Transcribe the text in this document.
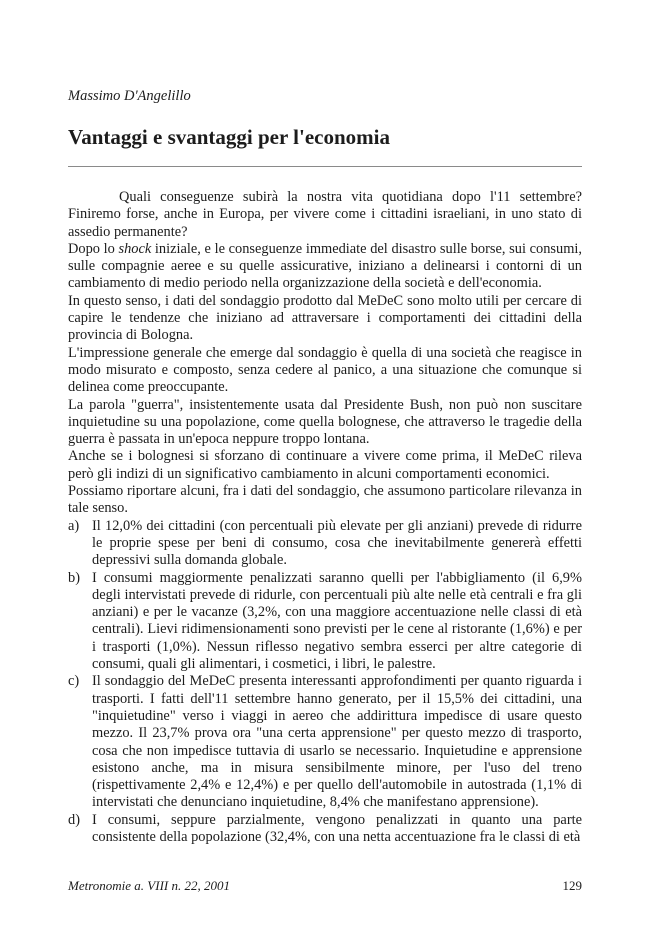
Massimo D'Angelillo
Vantaggi e svantaggi per l'economia

Quali conseguenze subirà la nostra vita quotidiana dopo l'11 settembre? Finiremo forse, anche in Europa, per vivere come i cittadini israeliani, in uno stato di assedio permanente?

Dopo lo shock iniziale, e le conseguenze immediate del disastro sulle borse, sui consumi, sulle compagnie aeree e su quelle assicurative, iniziano a delinearsi i contorni di un cambiamento di medio periodo nella organizzazione della società e dell'economia.

In questo senso, i dati del sondaggio prodotto dal MeDeC sono molto utili per cercare di capire le tendenze che iniziano ad attraversare i comportamenti dei cittadini della provincia di Bologna.

L'impressione generale che emerge dal sondaggio è quella di una società che reagisce in modo misurato e composto, senza cedere al panico, a una situazione che comunque si delinea come preoccupante.

La parola "guerra", insistentemente usata dal Presidente Bush, non può non suscitare inquietudine su una popolazione, come quella bolognese, che attraverso le tragedie della guerra è passata in un'epoca neppure troppo lontana.

Anche se i bolognesi si sforzano di continuare a vivere come prima, il MeDeC rileva però gli indizi di un significativo cambiamento in alcuni comportamenti economici.

Possiamo riportare alcuni, fra i dati del sondaggio, che assumono particolare rilevanza in tale senso.

a) Il 12,0% dei cittadini (con percentuali più elevate per gli anziani) prevede di ridurre le proprie spese per beni di consumo, cosa che inevitabilmente genererà effetti depressivi sulla domanda globale.
b) I consumi maggiormente penalizzati saranno quelli per l'abbigliamento (il 6,9% degli intervistati prevede di ridurle, con percentuali più alte nelle età centrali e fra gli anziani) e per le vacanze (3,2%, con una maggiore accentuazione nelle classi di età centrali). Lievi ridimensionamenti sono previsti per le cene al ristorante (1,6%) e per i trasporti (1,0%). Nessun riflesso negativo sembra esserci per altre categorie di consumi, quali gli alimentari, i cosmetici, i libri, le palestre.
c) Il sondaggio del MeDeC presenta interessanti approfondimenti per quanto riguarda i trasporti. I fatti dell'11 settembre hanno generato, per il 15,5% dei cittadini, una "inquietudine" verso i viaggi in aereo che addirittura impedisce di usare questo mezzo. Il 23,7% prova ora "una certa apprensione" per questo mezzo di trasporto, cosa che non impedisce tuttavia di usarlo se necessario. Inquietudine e apprensione esistono anche, ma in misura sensibilmente minore, per l'uso del treno (rispettivamente 2,4% e 12,4%) e per quello dell'automobile in autostrada (1,1% di intervistati che denunciano inquietudine, 8,4% che manifestano apprensione).
d) I consumi, seppure parzialmente, vengono penalizzati in quanto una parte consistente della popolazione (32,4%, con una netta accentuazione fra le classi di età
Metronomie a. VIII n. 22, 2001	129
